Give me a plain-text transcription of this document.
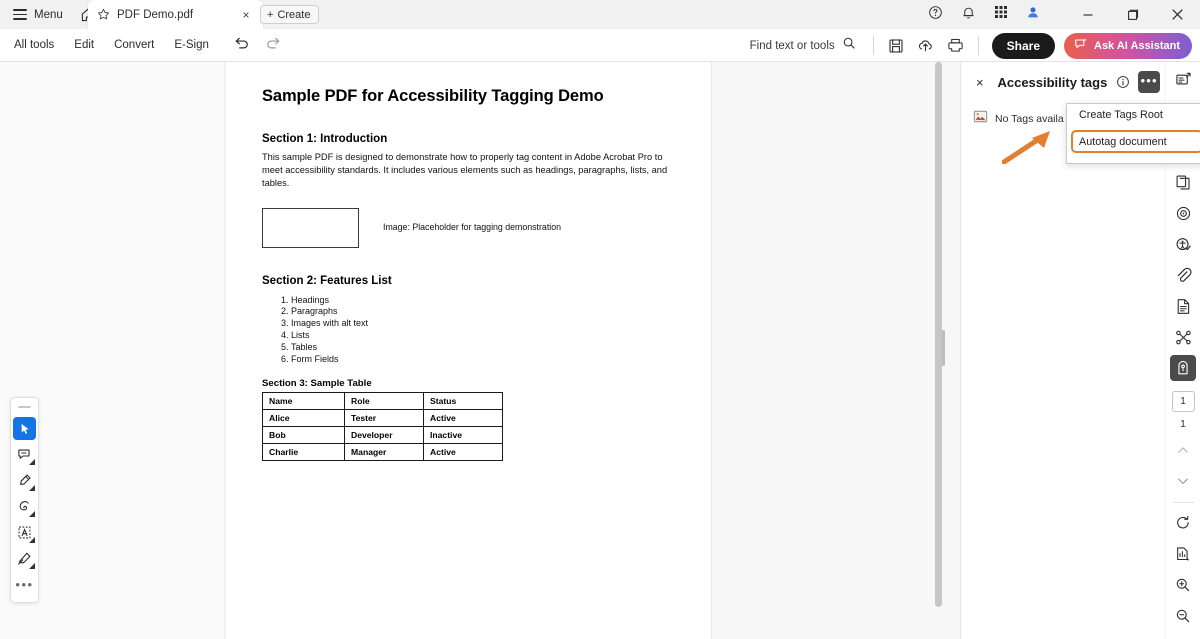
Menu	PDF Demo.pdf	×	+ Create
All tools	Edit	Convert	E-Sign	Find text or tools	Share	Ask AI Assistant
Sample PDF for Accessibility Tagging Demo
Section 1: Introduction
This sample PDF is designed to demonstrate how to properly tag content in Adobe Acrobat Pro to meet accessibility standards. It includes various elements such as headings, paragraphs, lists, and tables.
Image: Placeholder for tagging demonstration
Section 2: Features List
1. Headings
2. Paragraphs
3. Images with alt text
4. Lists
5. Tables
6. Form Fields
Section 3: Sample Table
Name	Role	Status
Alice	Tester	Active
Bob	Developer	Inactive
Charlie	Manager	Active
•••
× Accessibility tags	•••
No Tags availa	Create Tags Root
Autotag document
1
1
